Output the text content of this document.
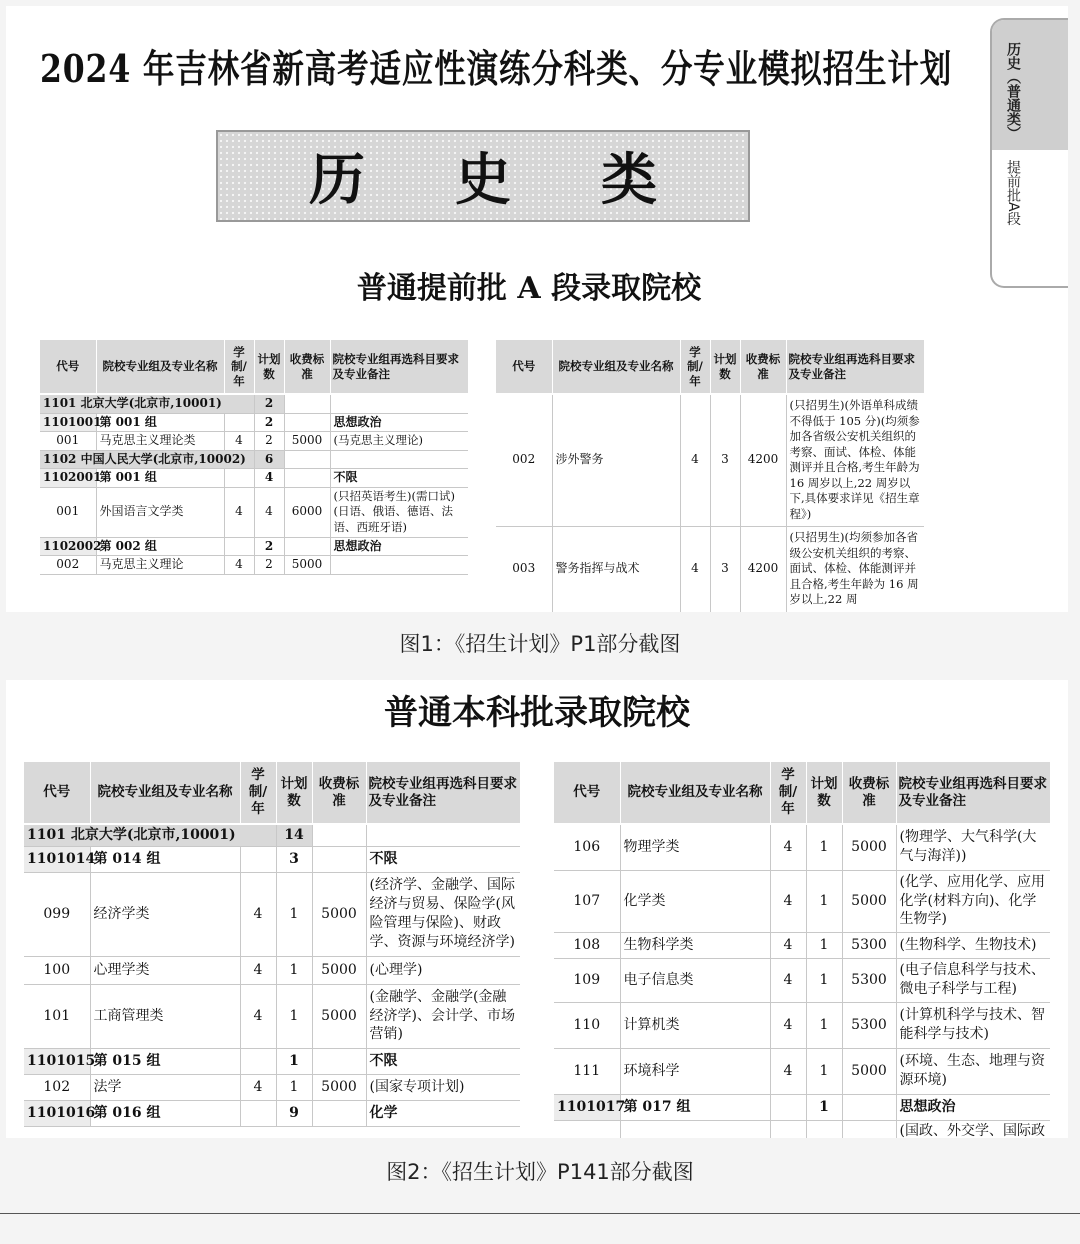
2024 年吉林省新高考适应性演练分科类、分专业模拟招生计划
历史类
历史（普通类）
提前批A段
普通提前批 A 段录取院校
代号	院校专业组及专业名称	学制/年	计划数	收费标准	院校专业组再选科目要求及专业备注
1101 北京大学(北京市,10001)			2		
1101001	第 001 组		2		思想政治
001	马克思主义理论类	4	2	5000	(马克思主义理论)
1102 中国人民大学(北京市,10002)			6		
1102001	第 001 组		4		不限
001	外国语言文学类	4	4	6000	(只招英语考生)(需口试)(日语、俄语、德语、法语、西班牙语)
1102002	第 002 组		2		思想政治
002	马克思主义理论	4	2	5000	
代号	院校专业组及专业名称	学制/年	计划数	收费标准	院校专业组再选科目要求及专业备注
002	涉外警务	4	3	4200	(只招男生)(外语单科成绩不得低于 105 分)(均须参加各省级公安机关组织的考察、面试、体检、体能测评并且合格,考生年龄为 16 周岁以上,22 周岁以下,具体要求详见《招生章程》)
003	警务指挥与战术	4	3	4200	(只招男生)(均须参加各省级公安机关组织的考察、面试、体检、体能测评并且合格,考生年龄为 16 周岁以上,22 周
图1：《招生计划》P1部分截图
普通本科批录取院校
代号	院校专业组及专业名称	学制/年	计划数	收费标准	院校专业组再选科目要求及专业备注
1101 北京大学(北京市,10001)			14		
1101014	第 014 组		3		不限
099	经济学类	4	1	5000	(经济学、金融学、国际经济与贸易、保险学(风险管理与保险)、财政学、资源与环境经济学)
100	心理学类	4	1	5000	(心理学)
101	工商管理类	4	1	5000	(金融学、金融学(金融经济学)、会计学、市场营销)
1101015	第 015 组		1		不限
102	法学	4	1	5000	(国家专项计划)
1101016	第 016 组		9		化学
代号	院校专业组及专业名称	学制/年	计划数	收费标准	院校专业组再选科目要求及专业备注
106	物理学类	4	1	5000	(物理学、大气科学(大气与海洋))
107	化学类	4	1	5000	(化学、应用化学、应用化学(材料方向)、化学生物学)
108	生物科学类	4	1	5300	(生物科学、生物技术)
109	电子信息类	4	1	5300	(电子信息科学与技术、微电子科学与工程)
110	计算机类	4	1	5300	(计算机科学与技术、智能科学与技术)
111	环境科学	4	1	5000	(环境、生态、地理与资源环境)
1101017	第 017 组		1		思想政治
					(国政、外交学、国际政
图2：《招生计划》P141部分截图
